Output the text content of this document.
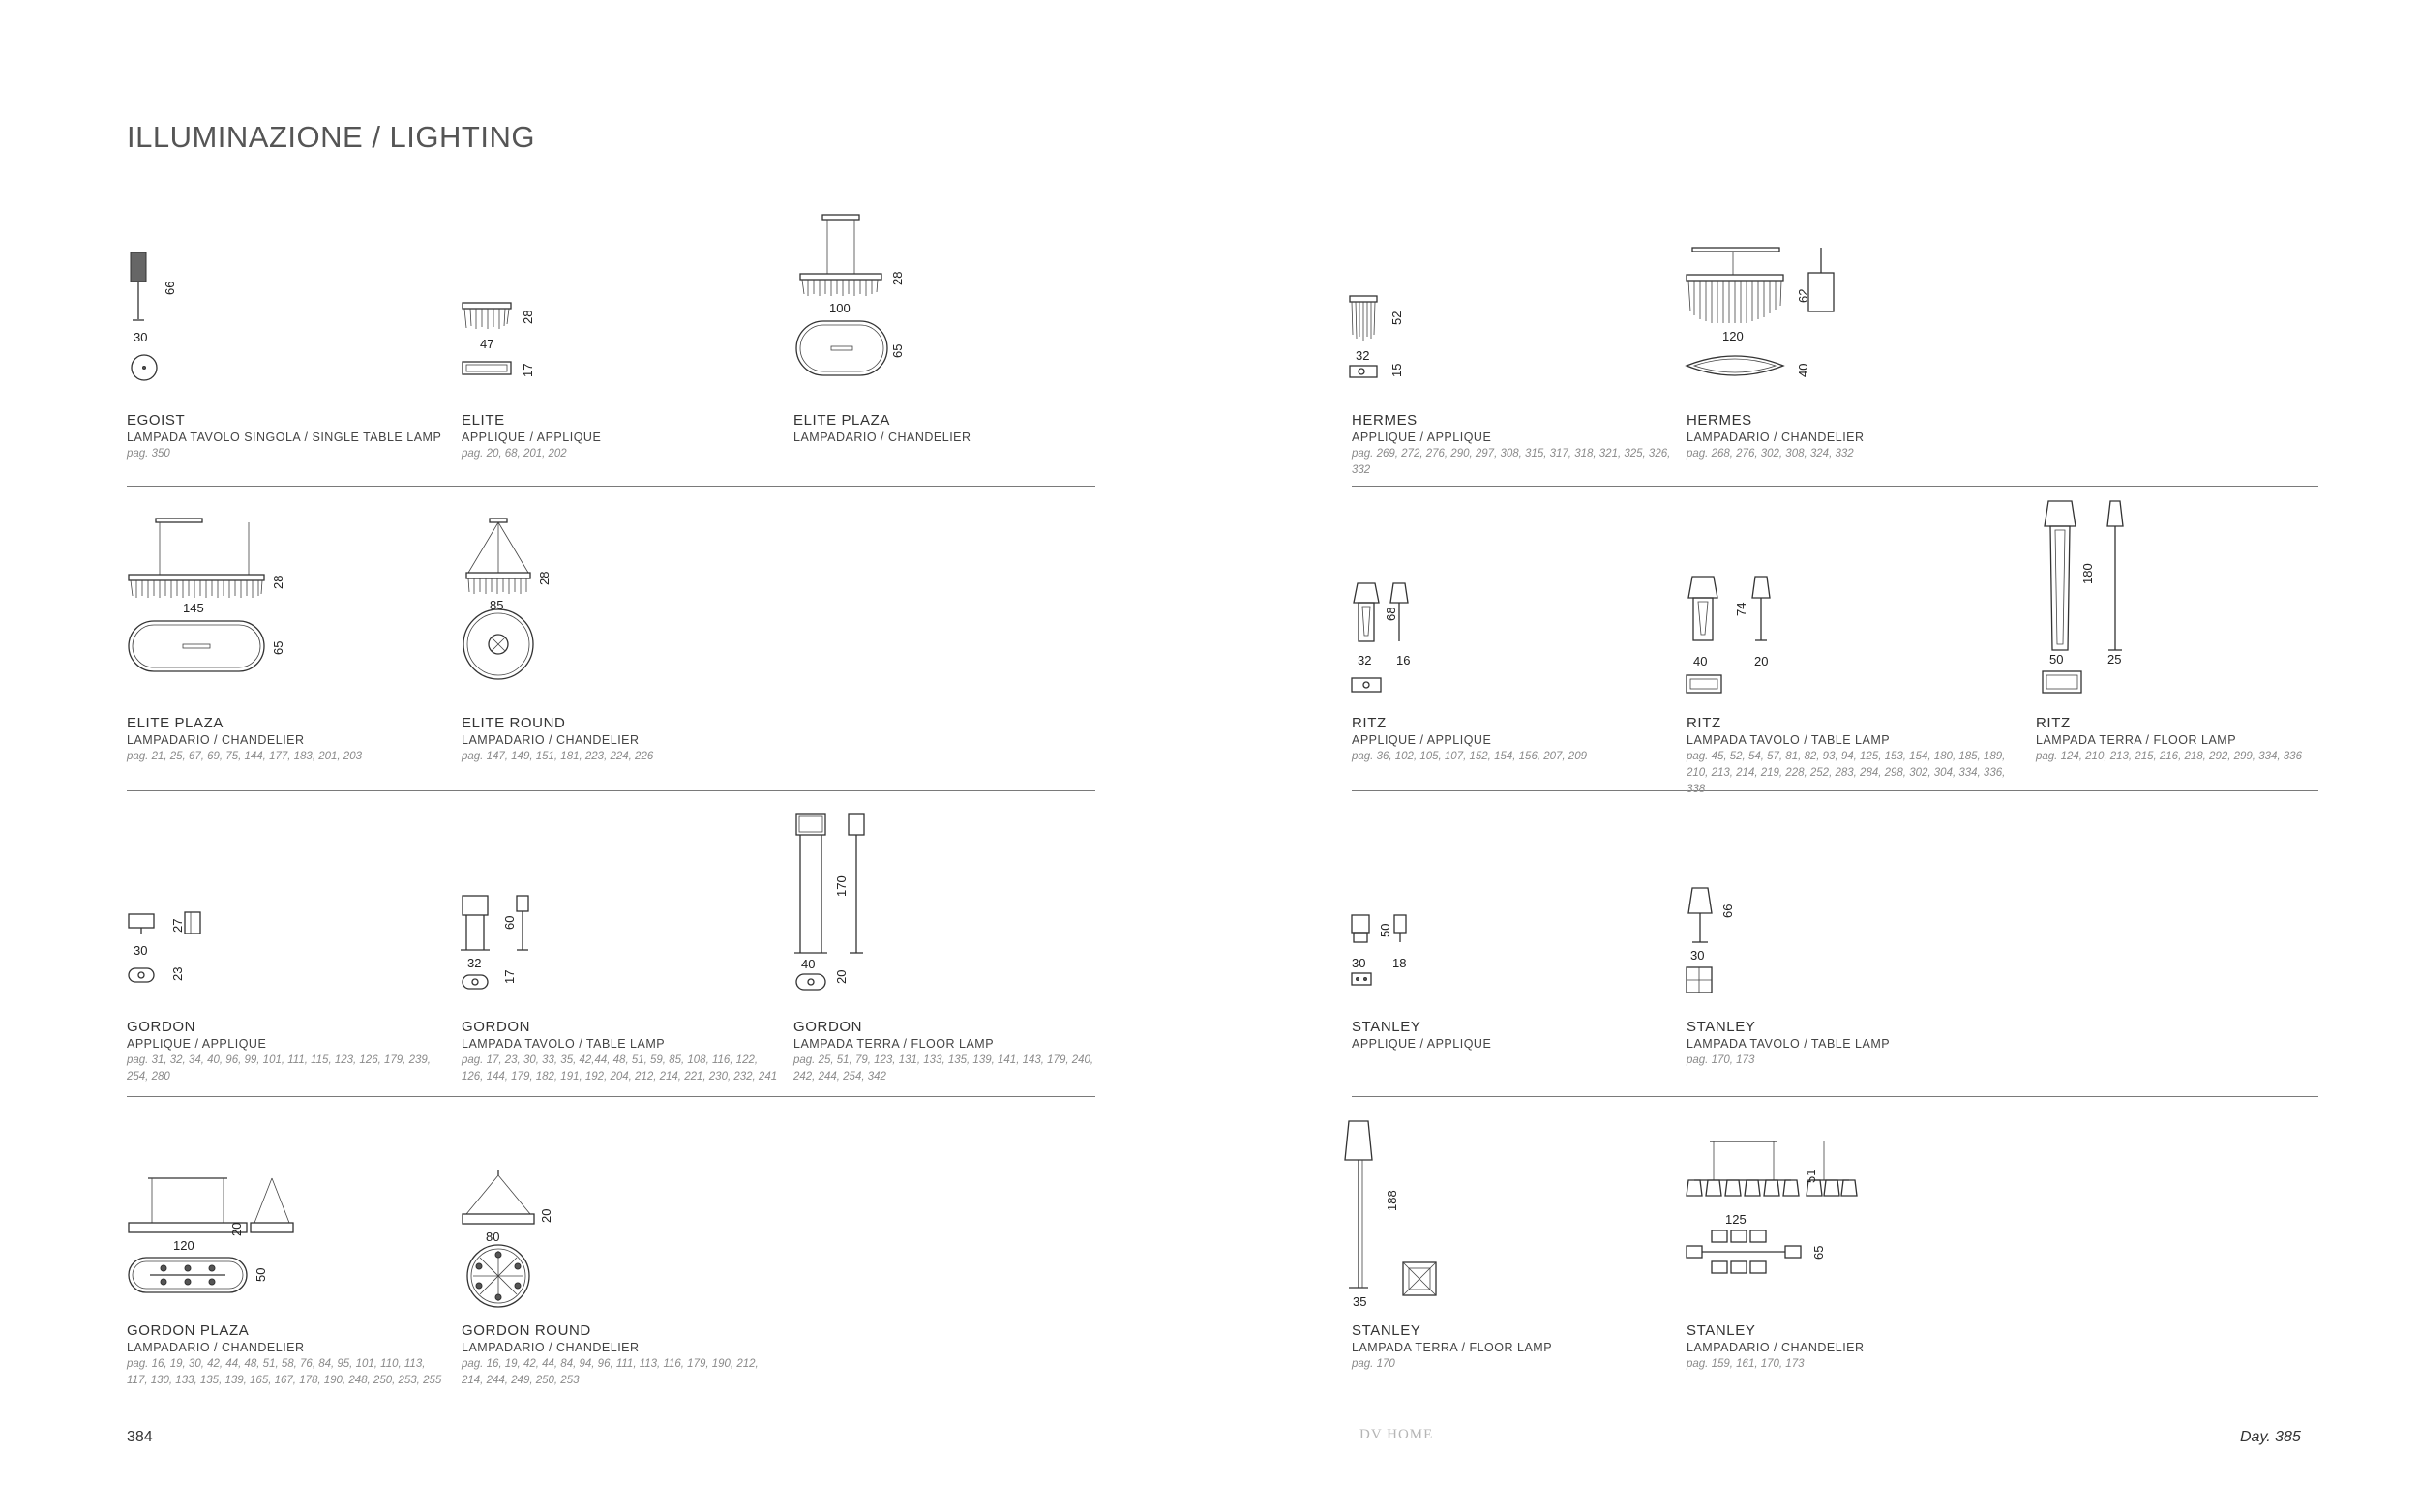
ILLUMINAZIONE / LIGHTING
66
30
EGOIST
LAMPADA TAVOLO SINGOLA / SINGLE TABLE LAMP
pag. 350
28
47
17
ELITE
APPLIQUE / APPLIQUE
pag. 20, 68, 201, 202
28
100
65
ELITE PLAZA
LAMPADARIO / CHANDELIER
52
32
15
HERMES
APPLIQUE / APPLIQUE
pag. 269, 272, 276, 290, 297, 308, 315, 317, 318, 321, 325, 326, 332
62
120
40
HERMES
LAMPADARIO / CHANDELIER
pag. 268, 276, 302, 308, 324, 332
28
145
65
ELITE PLAZA
LAMPADARIO / CHANDELIER
pag. 21, 25, 67, 69, 75, 144, 177, 183, 201, 203
28
85
ELITE ROUND
LAMPADARIO / CHANDELIER
pag. 147, 149, 151, 181, 223, 224, 226
68
32 16
RITZ
APPLIQUE / APPLIQUE
pag. 36, 102, 105, 107, 152, 154, 156, 207, 209
74
40	20
RITZ
LAMPADA TAVOLO / TABLE LAMP
pag. 45, 52, 54, 57, 81, 82, 93, 94, 125, 153, 154, 180, 185, 189, 210, 213, 214, 219, 228, 252, 283, 284, 298, 302, 304, 334, 336, 338
180
50	25
RITZ
LAMPADA TERRA / FLOOR LAMP
pag. 124, 210, 213, 215, 216, 218, 292, 299, 334, 336
27
30
23
GORDON
APPLIQUE / APPLIQUE
pag. 31, 32, 34, 40, 96, 99, 101, 111, 115, 123, 126, 179, 239, 254, 280
60
32
17
GORDON
LAMPADA TAVOLO / TABLE LAMP
pag. 17, 23, 30, 33, 35, 42,44, 48, 51, 59, 85, 108, 116, 122, 126, 144, 179, 182, 191, 192, 204, 212, 214, 221, 230, 232, 241
170
40
20
GORDON
LAMPADA TERRA / FLOOR LAMP
pag. 25, 51, 79, 123, 131, 133, 135, 139, 141, 143, 179, 240, 242, 244, 254, 342
50
30 18
STANLEY
APPLIQUE / APPLIQUE
66
30
STANLEY
LAMPADA TAVOLO / TABLE LAMP
pag. 170, 173
20
120
50
GORDON PLAZA
LAMPADARIO / CHANDELIER
pag. 16, 19, 30, 42, 44, 48, 51, 58, 76, 84, 95, 101, 110, 113, 117, 130, 133, 135, 139, 165, 167, 178, 190, 248, 250, 253, 255
20
80
GORDON ROUND
LAMPADARIO / CHANDELIER
pag. 16, 19, 42, 44, 84, 94, 96, 111, 113, 116, 179, 190, 212, 214, 244, 249, 250, 253
188
35
STANLEY
LAMPADA TERRA / FLOOR LAMP
pag. 170
51
125
65
STANLEY
LAMPADARIO / CHANDELIER
pag. 159, 161, 170, 173
384	DV HOME	Day. 385
